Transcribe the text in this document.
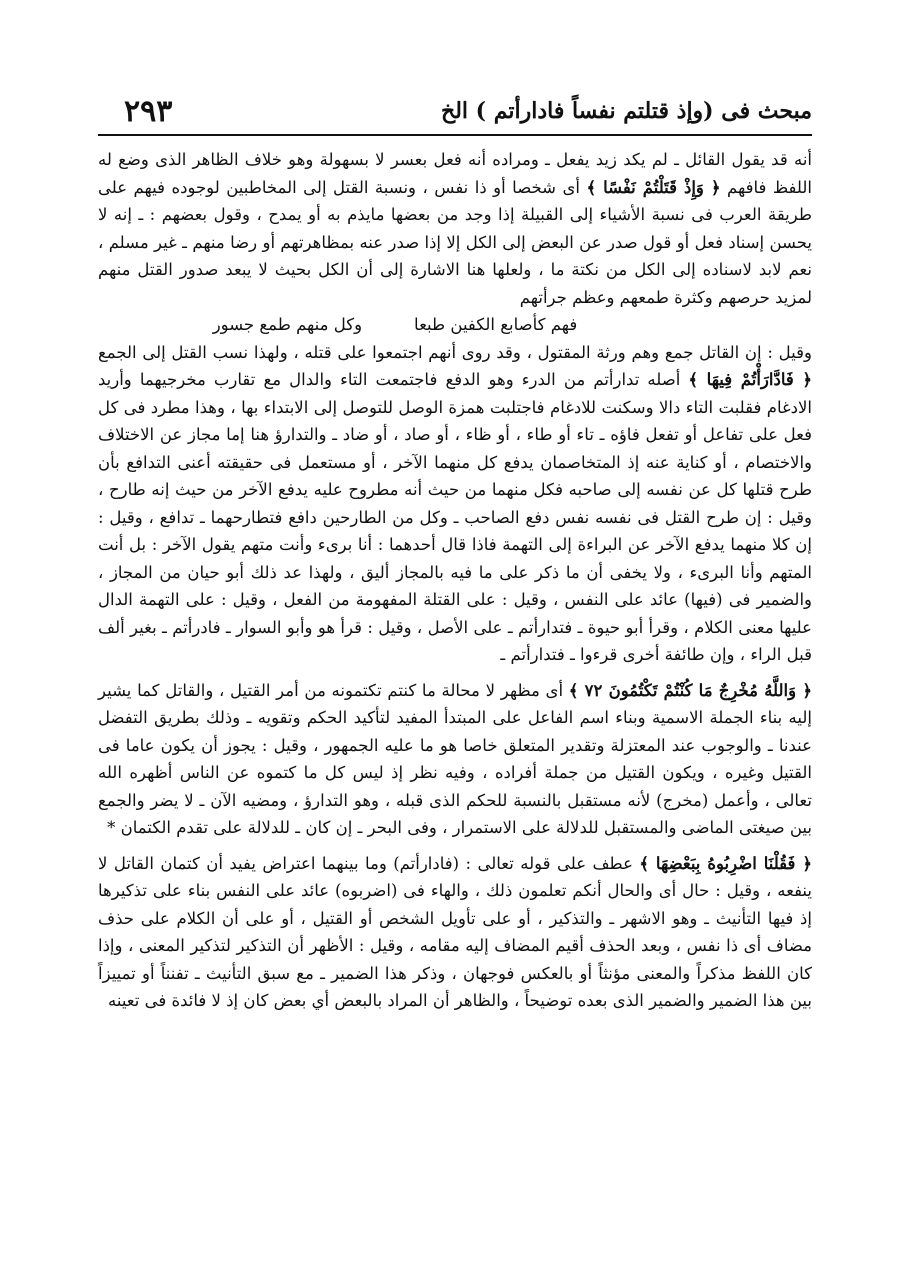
مبحث فى (وإذ قتلتم نفساً فادارأتم ) الخ
٢٩٣

أنه قد يقول القائل ـ لم يكد زيد يفعل ـ ومراده أنه فعل بعسر لا بسهولة وهو خلاف الظاهر الذى وضع له اللفظ فافهم ﴿ وَإِذْ قَتَلْتُمْ نَفْسًا ﴾ أى شخصا أو ذا نفس ، ونسبة القتل إلى المخاطبين لوجوده فيهم على طريقة العرب فى نسبة الأشياء إلى القبيلة إذا وجد من بعضها مايذم به أو يمدح ، وقول بعضهم : ـ إنه لا يحسن إسناد فعل أو قول صدر عن البعض إلى الكل إلا إذا صدر عنه بمظاهرتهم أو رضا منهم ـ غير مسلم ، نعم لابد لاسناده إلى الكل من نكتة ما ، ولعلها هنا الاشارة إلى أن الكل بحيث لا يبعد صدور القتل منهم لمزيد حرصهم وكثرة طمعهم وعظم جرأتهم

فهم كأصابع الكفين طبعاوكل منهم طمع جسور

وقيل : إن القاتل جمع وهم ورثة المقتول ، وقد روى أنهم اجتمعوا على قتله ، ولهذا نسب القتل إلى الجمع ﴿ فَادَّارَأْتُمْ فِيهَا ﴾ أصله تدارأتم من الدرء وهو الدفع فاجتمعت التاء والدال مع تقارب مخرجيهما وأريد الادغام فقلبت التاء دالا وسكنت للادغام فاجتلبت همزة الوصل للتوصل إلى الابتداء بها ، وهذا مطرد فى كل فعل على تفاعل أو تفعل فاؤه ـ تاء أو طاء ، أو ظاء ، أو صاد ، أو ضاد ـ والتدارؤ هنا إما مجاز عن الاختلاف والاختصام ، أو كناية عنه إذ المتخاصمان يدفع كل منهما الآخر ، أو مستعمل فى حقيقته أعنى التدافع بأن طرح قتلها كل عن نفسه إلى صاحبه فكل منهما من حيث أنه مطروح عليه يدفع الآخر من حيث إنه طارح ، وقيل : إن طرح القتل فى نفسه نفس دفع الصاحب ـ وكل من الطارحين دافع فتطارحهما ـ تدافع ، وقيل : إن كلا منهما يدفع الآخر عن البراءة إلى التهمة فاذا قال أحدهما : أنا برىء وأنت متهم يقول الآخر : بل أنت المتهم وأنا البرىء ، ولا يخفى أن ما ذكر على ما فيه بالمجاز أليق ، ولهذا عد ذلك أبو حيان من المجاز ، والضمير فى (فيها) عائد على النفس ، وقيل : على القتلة المفهومة من الفعل ، وقيل : على التهمة الدال عليها معنى الكلام ، وقرأ أبو حيوة ـ فتدارأتم ـ على الأصل ، وقيل : قرأ هو وأبو السوار ـ فادرأتم ـ بغير ألف قبل الراء ، وإن طائفة أخرى قرءوا ـ فتدارأتم ـ

﴿ وَاللَّهُ مُخْرِجٌ مَا كُنْتُمْ تَكْتُمُونَ ٧٢ ﴾ أى مظهر لا محالة ما كنتم تكتمونه من أمر القتيل ، والقاتل كما يشير إليه بناء الجملة الاسمية وبناء اسم الفاعل على المبتدأ المفيد لتأكيد الحكم وتقويه ـ وذلك بطريق التفضل عندنا ـ والوجوب عند المعتزلة وتقدير المتعلق خاصا هو ما عليه الجمهور ، وقيل : يجوز أن يكون عاما فى القتيل وغيره ، ويكون القتيل من جملة أفراده ، وفيه نظر إذ ليس كل ما كتموه عن الناس أظهره الله تعالى ، وأعمل (مخرج) لأنه مستقبل بالنسبة للحكم الذى قبله ، وهو التدارؤ ، ومضيه الآن ـ لا يضر والجمع بين صيغتى الماضى والمستقبل للدلالة على الاستمرار ، وفى البحر ـ إن كان ـ للدلالة على تقدم الكتمان *

﴿ فَقُلْنَا اضْرِبُوهُ بِبَعْضِهَا ﴾ عطف على قوله تعالى : (فادارأتم) وما بينهما اعتراض يفيد أن كتمان القاتل لا ينفعه ، وقيل : حال أى والحال أنكم تعلمون ذلك ، والهاء فى (اضربوه) عائد على النفس بناء على تذكيرها إذ فيها التأنيث ـ وهو الاشهر ـ والتذكير ، أو على تأويل الشخص أو القتيل ، أو على أن الكلام على حذف مضاف أى ذا نفس ، وبعد الحذف أقيم المضاف إليه مقامه ، وقيل : الأظهر أن التذكير لتذكير المعنى ، وإذا كان اللفظ مذكراً والمعنى مؤنثاً أو بالعكس فوجهان ، وذكر هذا الضمير ـ مع سبق التأنيث ـ تفنناً أو تمييزاً بين هذا الضمير والضمير الذى بعده توضيحاً ، والظاهر أن المراد بالبعض أي بعض كان إذ لا فائدة فى تعينه
